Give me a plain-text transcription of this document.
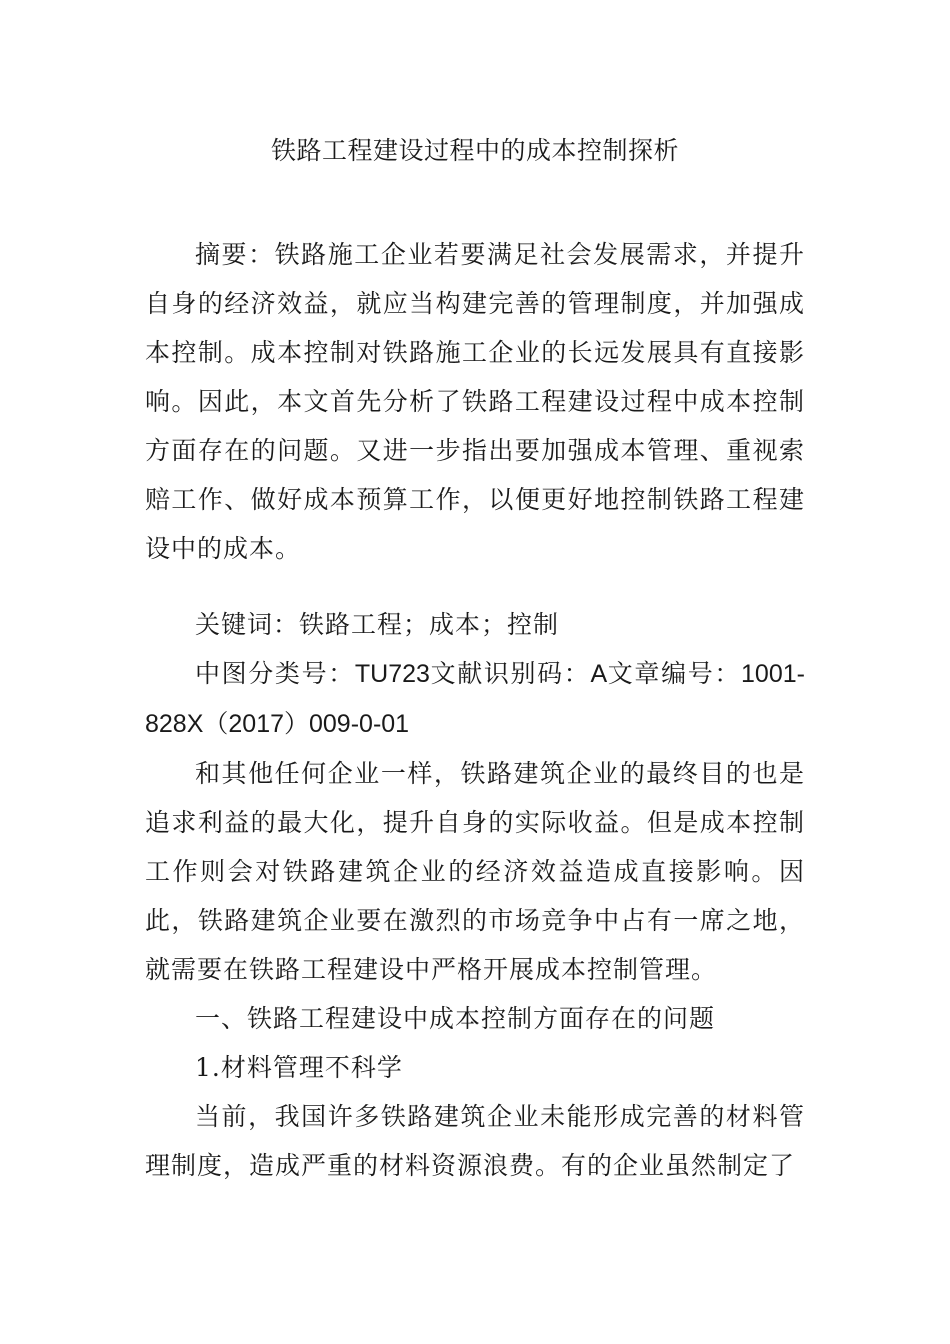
铁路工程建设过程中的成本控制探析

摘要：铁路施工企业若要满足社会发展需求，并提升自身的经济效益，就应当构建完善的管理制度，并加强成本控制。成本控制对铁路施工企业的长远发展具有直接影响。因此，本文首先分析了铁路工程建设过程中成本控制方面存在的问题。又进一步指出要加强成本管理、重视索赔工作、做好成本预算工作，以便更好地控制铁路工程建设中的成本。

关键词：铁路工程；成本；控制

中图分类号：TU723文献识别码：A文章编号：1001-828X（2017）009-0-01

和其他任何企业一样，铁路建筑企业的最终目的也是追求利益的最大化，提升自身的实际收益。但是成本控制工作则会对铁路建筑企业的经济效益造成直接影响。因此，铁路建筑企业要在激烈的市场竞争中占有一席之地，就需要在铁路工程建设中严格开展成本控制管理。

一、铁路工程建设中成本控制方面存在的问题

1.材料管理不科学

当前，我国许多铁路建筑企业未能形成完善的材料管理制度，造成严重的材料资源浪费。有的企业虽然制定了
